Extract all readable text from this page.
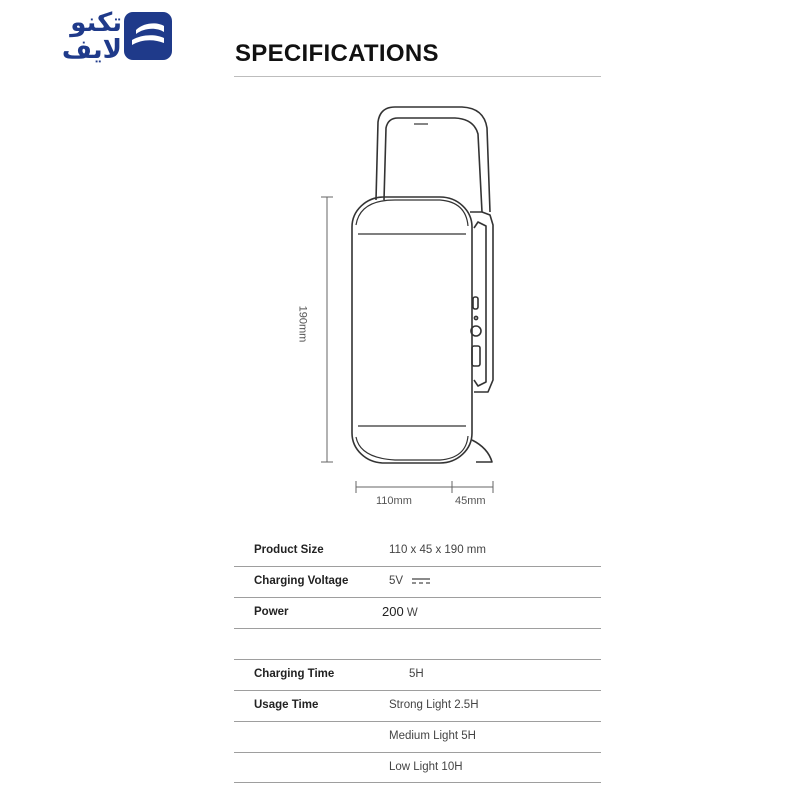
تکنو
لایف	SPECIFICATIONS
190mm
110mm	45mm
Product Size	110 x 45 x 190 mm
Charging Voltage	5V
Power	200 W
Charging Time	5H
Usage Time	Strong Light 2.5H
Medium Light 5H
Low Light 10H
